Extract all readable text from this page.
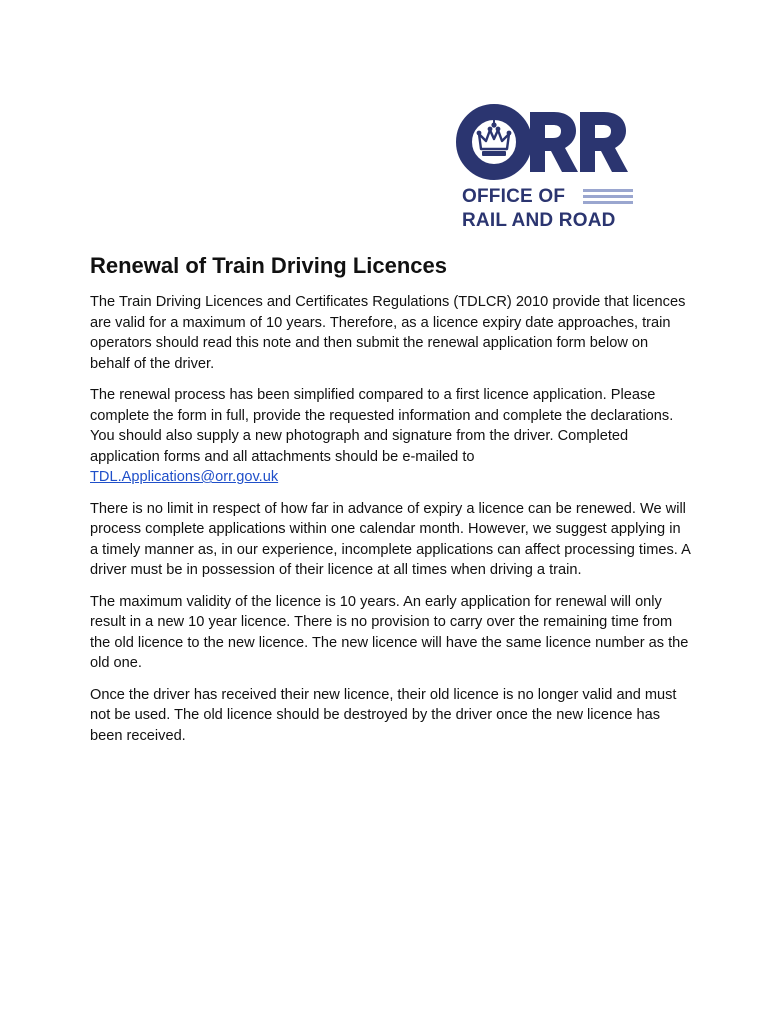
OFFICE OF
RAIL AND ROAD
Renewal of Train Driving Licences

The Train Driving Licences and Certificates Regulations (TDLCR) 2010 provide that licences are valid for a maximum of 10 years. Therefore, as a licence expiry date approaches, train operators should read this note and then submit the renewal application form below on behalf of the driver.

The renewal process has been simplified compared to a first licence application. Please complete the form in full, provide the requested information and complete the declarations. You should also supply a new photograph and signature from the driver. Completed application forms and all attachments should be e-mailed to
TDL.Applications@orr.gov.uk

There is no limit in respect of how far in advance of expiry a licence can be renewed. We will process complete applications within one calendar month. However, we suggest applying in a timely manner as, in our experience, incomplete applications can affect processing times. A driver must be in possession of their licence at all times when driving a train.

The maximum validity of the licence is 10 years. An early application for renewal will only result in a new 10 year licence. There is no provision to carry over the remaining time from the old licence to the new licence. The new licence will have the same licence number as the old one.

Once the driver has received their new licence, their old licence is no longer valid and must not be used. The old licence should be destroyed by the driver once the new licence has been received.
